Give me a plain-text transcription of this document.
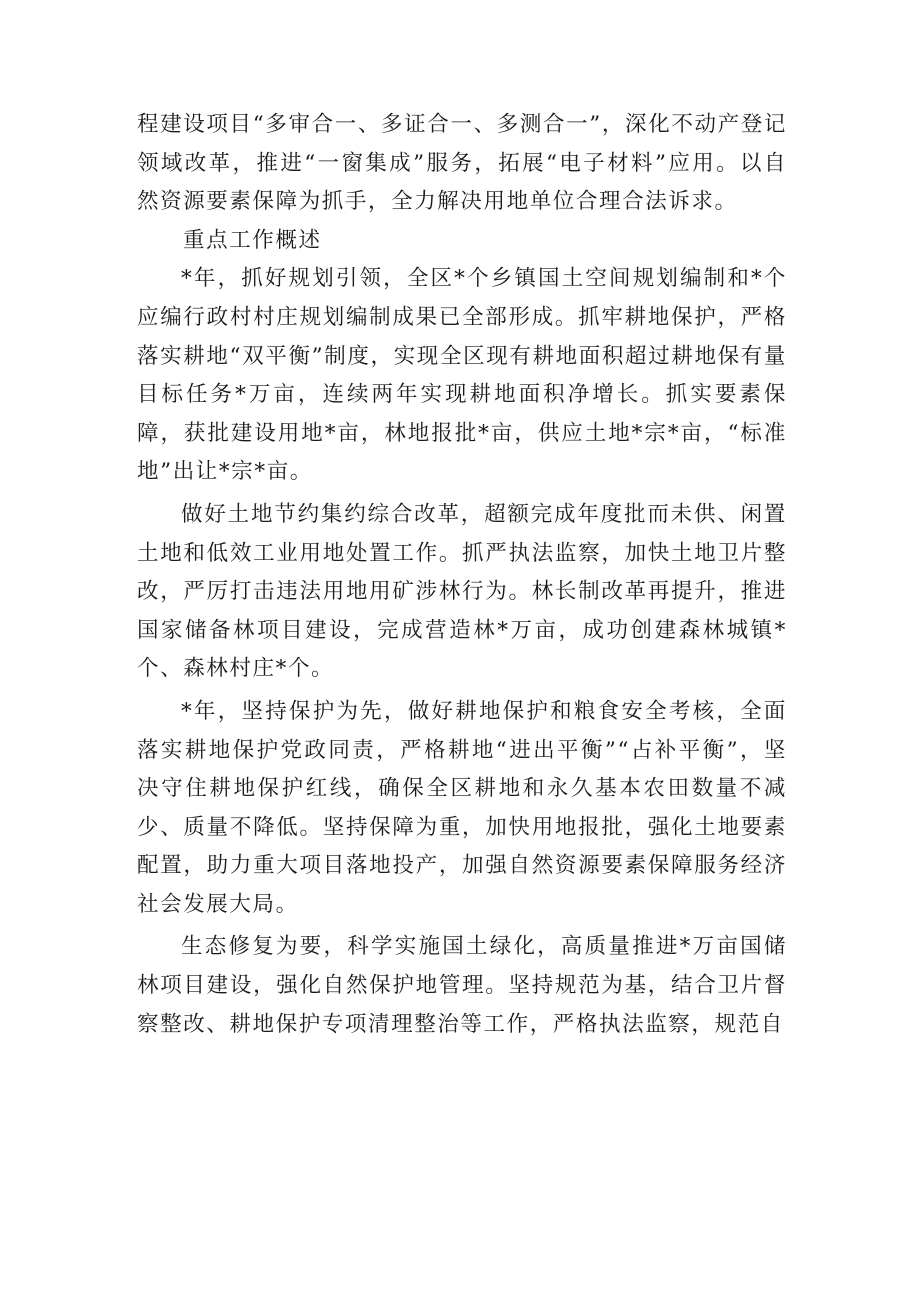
程建设项目“多审合一、多证合一、多测合一”，深化不动产登记领域改革，推进“一窗集成”服务，拓展“电子材料”应用。以自然资源要素保障为抓手，全力解决用地单位合理合法诉求。

重点工作概述

*年，抓好规划引领，全区*个乡镇国土空间规划编制和*个应编行政村村庄规划编制成果已全部形成。抓牢耕地保护，严格落实耕地“双平衡”制度，实现全区现有耕地面积超过耕地保有量目标任务*万亩，连续两年实现耕地面积净增长。抓实要素保障，获批建设用地*亩，林地报批*亩，供应土地*宗*亩，“标准地”出让*宗*亩。

做好土地节约集约综合改革，超额完成年度批而未供、闲置土地和低效工业用地处置工作。抓严执法监察，加快土地卫片整改，严厉打击违法用地用矿涉林行为。林长制改革再提升，推进国家储备林项目建设，完成营造林*万亩，成功创建森林城镇*个、森林村庄*个。

*年，坚持保护为先，做好耕地保护和粮食安全考核，全面落实耕地保护党政同责，严格耕地“进出平衡”“占补平衡”，坚决守住耕地保护红线，确保全区耕地和永久基本农田数量不减少、质量不降低。坚持保障为重，加快用地报批，强化土地要素配置，助力重大项目落地投产，加强自然资源要素保障服务经济社会发展大局。

生态修复为要，科学实施国土绿化，高质量推进*万亩国储林项目建设，强化自然保护地管理。坚持规范为基，结合卫片督察整改、耕地保护专项清理整治等工作，严格执法监察，规范自
